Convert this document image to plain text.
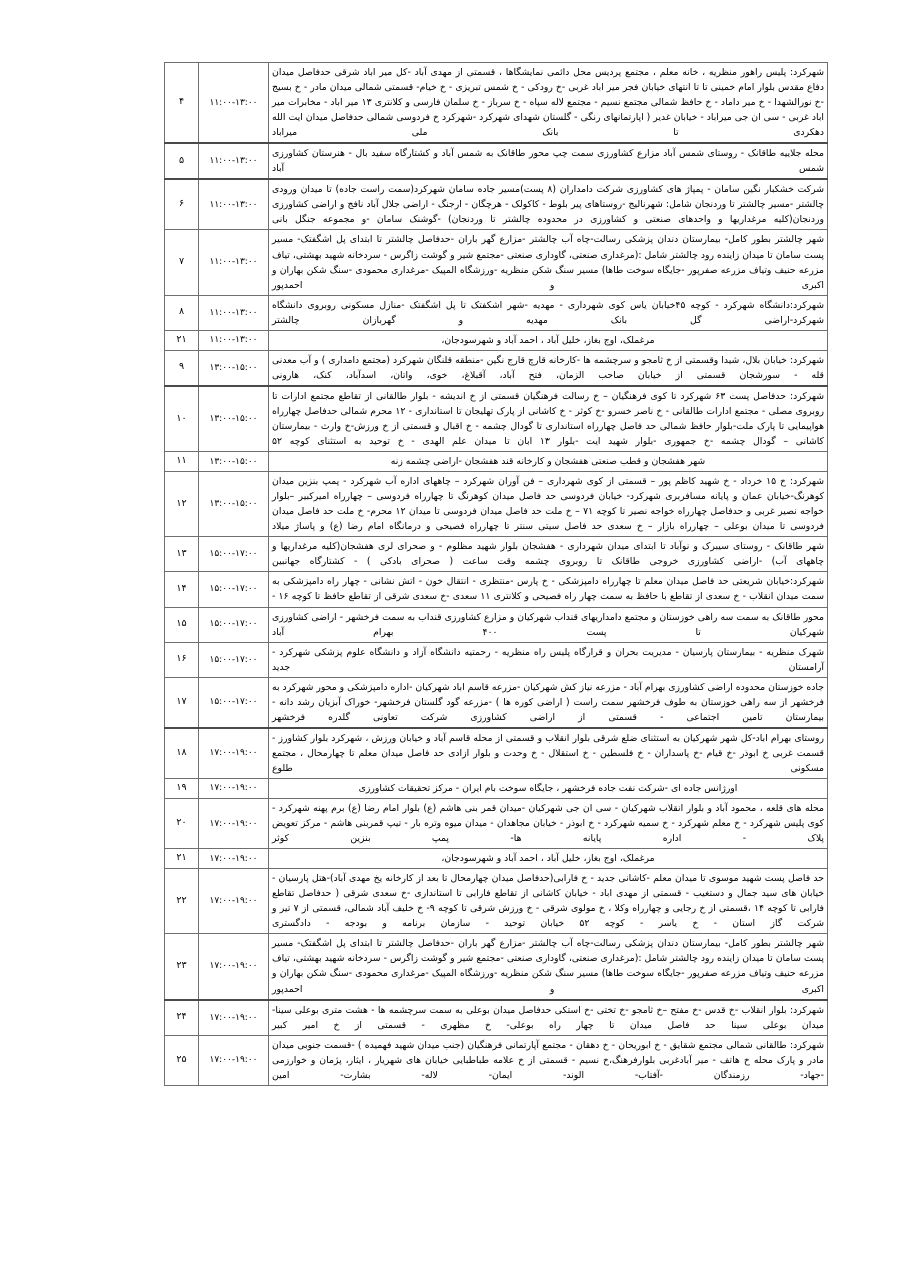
شهرکرد: پلیس راهور منظریه ، خانه معلم ، مجتمع پردیس محل دائمی نمایشگاها ، قسمتی از مهدی آباد -کل میر اباد شرقی حدفاصل میدان دفاع مقدس بلوار امام خمینی تا تا انتهای خیابان فجر میر اباد غربی -خ رودکی - خ شمس تبریزی - خ خیام- قسمتی شمالی میدان مادر - خ بسیج -خ نورالشهدا - خ میر داماد - خ حافظ شمالی مجتمع نسیم - مجتمع لاله سپاه - خ سرباز - خ سلمان فارسی و کلانتری ۱۳ میر اباد - مخابرات میر اباد غربی - سی ان جی میراباد - خیابان غدیر ( اپارتمانهای رنگی - گلستان شهدای شهرکرد -شهرکرد خ فردوسی شمالی حدفاصل میدان ایت الله دهکردی تا بانک ملی میراباد	۱۱:۰۰-۱۳:۰۰	۴
محله جلاییه طاقانک - روستای شمس آباد مزارع کشاورزی سمت چپ محور طاقانک به شمس آباد و کشتارگاه سفید بال - هنرستان کشاورزی شمس آباد	۱۱:۰۰-۱۳:۰۰	۵
شرکت خشکبار نگین سامان - پمپاژ های کشاورزی شرکت دامداران (۸ پست)مسیر جاده سامان شهرکرد(سمت راست جاده) تا میدان ورودی چالشتر -مسیر چالشتر تا وردنجان شامل: شهرنالیج -روستاهای پیر بلوط - کاکولک - هرچگان - ارجنگ - اراضی جلال آباد نافج و اراضی کشاورزی وردنجان(کلیه مرغداریها و واحدهای صنعتی و کشاورزی در محدوده چالشتر تا وردنجان) -گوشنک سامان -و مجموعه جنگل بانی	۱۱:۰۰-۱۳:۰۰	۶
شهر چالشتر بطور کامل- بیمارستان دندان پزشکی رسالت-چاه آب چالشتر -مزارع گهر باران -حدفاصل چالشتر تا ابتدای پل اشگفتک- مسیر پست سامان تا میدان زاینده رود چالشتر شامل :(مرغداری صنعتی، گاوداری صنعتی -مجتمع شیر و گوشت زاگرس - سردخانه شهید بهشتی، تیاف مزرعه حنیف وتیاف مزرعه صفرپور -جایگاه سوخت طاها) مسیر سنگ شکن منظریه -ورزشگاه المپیک -مرغداری محمودی -سنگ شکن بهاران و اکبری و احمدپور	۱۱:۰۰-۱۳:۰۰	۷
شهرکرد:دانشگاه شهرکرد - کوچه ۴۵خیابان یاس کوی شهرداری - مهدیه -شهر اشکفتک تا پل اشگفتک -منازل مسکونی روبروی دانشگاه شهرکرد-اراضی گل بانک مهدیه و گهربازان چالشتر	۱۱:۰۰-۱۳:۰۰	۸
مرغملک، اوج بغاز، خلیل آباد ، احمد آباد و شهرسودجان،	۱۱:۰۰-۱۳:۰۰	۲۱
شهرکرد: خیابان بلال، شیدا وقسمتی از خ ثامجو و سرچشمه ها -کارخانه قارچ قارج نگین -منطقه قلنگان شهرکرد (مجتمع دامداری ) و آب معدنی قله - سورشجان قسمتی از خیابان صاحب الزمان، فتح آباد، آقبلاغ، خوی، واتان، اسدآباد، کنک، هارونی	۱۳:۰۰-۱۵:۰۰	۹
شهرکرد: حدفاصل پست ۶۳ شهرکرد تا کوی فرهنگیان – خ رسالت فرهنگیان قسمتی از خ اندیشه - بلوار طالقانی از تقاطع مجتمع ادارات تا روبروی مصلی - مجتمع ادارات طالقانی - خ ناصر خسرو -خ کوثر - خ کاشانی از پارک تهلیجان تا استانداری - ۱۲ محرم شمالی حدفاصل چهارراه هواپیمایی تا پارک ملت-بلوار حافظ شمالی حد فاصل چهارراه استانداری تا گودال چشمه - خ اقبال و قسمتی از خ ورزش-خ وارث - بیمارستان کاشانی – گودال چشمه -خ جمهوری -بلوار شهید ایت -بلوار ۱۳ ابان تا میدان علم الهدی - خ توحید به استثنای کوچه ۵۲	۱۳:۰۰-۱۵:۰۰	۱۰
شهر هفشجان و قطب صنعتی هفشجان و کارخانه قند هفشجان -اراضی چشمه زنه	۱۳:۰۰-۱۵:۰۰	۱۱
شهرکرد: خ ۱۵ خرداد - خ شهید کاظم پور – قسمتی از کوی شهرداری – فن آوران شهرکرد – چاههای اداره آب شهرکرد - پمپ بنزین میدان کوهرنگ-خیابان عمان و پایانه مسافربری شهرکرد- خیابان فردوسی حد فاصل میدان کوهرنگ تا چهارراه فردوسی – چهارراه امیرکبیر –بلوار خواجه نصیر غربی و حدفاصل چهارراه خواجه نصیر تا کوچه ۷۱ – خ ملت حد فاصل میدان فردوسی تا میدان ۱۲ محرم- خ ملت حد فاصل میدان فردوسی تا میدان بوعلی – چهارراه بازار – خ سعدی حد فاصل سیتی سنتر تا چهارراه فصیحی و درمانگاه امام رضا (ع) و پاساژ میلاد	۱۳:۰۰-۱۵:۰۰	۱۲
شهر طاقانک - روستای سیبرک و نوآباد تا ابتدای میدان شهرداری - هفشجان بلوار شهید مظلوم - و صحرای لری هفشجان(کلیه مرغداریها و چاههای آب) -اراضی کشاورزی خروجی طاقانک تا روبروی چشمه وقت ساعت ( صحرای بادکی ) - کشتارگاه جهانبین	۱۵:۰۰-۱۷:۰۰	۱۳
شهرکرد:خیابان شریعتی حد فاصل میدان معلم تا چهارراه دامپزشکی - خ پارس -منتظری - انتقال خون - اتش نشانی - چهار راه دامپزشکی به سمت میدان انقلاب - خ سعدی از تقاطع با حافظ به سمت چهار راه فصیحی و کلانتری ۱۱ سعدی -خ سعدی شرقی از تقاطع حافظ تا کوچه ۱۶ -	۱۵:۰۰-۱۷:۰۰	۱۴
محور طاقانک به سمت سه راهی خوزستان و مجتمع دامداریهای قنداب شهرکیان و مزارع کشاورزی قنداب به سمت فرخشهر - اراضی کشاورزی شهرکیان تا پست ۴۰۰ بهرام آباد	۱۵:۰۰-۱۷:۰۰	۱۵
شهرک منظریه - بیمارستان پارسیان - مدیریت بحران و قرارگاه پلیس راه منظریه - رحمتیه دانشگاه آزاد و دانشگاه علوم پزشکی شهرکرد - آرامستان جدید	۱۵:۰۰-۱۷:۰۰	۱۶
جاده خوزستان محدوده اراضی کشاورزی بهرام آباد - مزرعه نیاز کش شهرکیان -مزرعه قاسم اباد شهرکیان -اداره دامپزشکی و محور شهرکرد به فرخشهر از سه راهی خوزستان به طوف فرخشهر سمت راست ( اراضی کوره ها ) -مزرعه گود گلستان فرخشهر- خوراک آبزیان رشد دانه - بیمارستان تامین اجتماعی - قسمتی از اراضی کشاورزی شرکت تعاونی گلدره فرخشهر	۱۵:۰۰-۱۷:۰۰	۱۷
روستای بهرام اباد-کل شهر شهرکیان به استثنای ضلع شرقی بلوار انقلاب و قسمتی از محله قاسم آباد و خیابان ورزش ، شهرکرد بلوار کشاورز - قسمت غربی خ ابوذر -خ قیام -خ پاسداران - خ فلسطین - خ استقلال - خ وحدت و بلوار ازادی حد فاصل میدان معلم تا چهارمحال ، مجتمع مسکونی طلوع	۱۷:۰۰-۱۹:۰۰	۱۸
اورژانس جاده ای -شرکت نفت جاده فرخشهر ، جایگاه سوخت بام ایران - مرکز تحقیقات کشاورزی	۱۷:۰۰-۱۹:۰۰	۱۹
محله های قلعه ، محمود آباد و بلوار انقلاب شهرکیان - سی ان جی شهرکیان -میدان قمر بنی هاشم (ع) بلوار امام رضا (ع) برم پهنه شهرکرد - کوی پلیس شهرکرد - خ معلم شهرکرد - خ سمیه شهرکرد - خ ابوذر - خیابان مجاهدان - میدان میوه وتره بار - تیپ قمربنی هاشم - مرکز تعویض پلاک - اداره پایانه ها- پمپ بنزین کوثر	۱۷:۰۰-۱۹:۰۰	۲۰
مرغملک، اوج بغاز، خلیل آباد ، احمد آباد و شهرسودجان،	۱۷:۰۰-۱۹:۰۰	۲۱
حد فاصل پست شهید موسوی تا میدان معلم -کاشانی جدید - خ فارابی(حدفاصل میدان چهارمحال تا بعد از کارخانه یخ مهدی آباد)-هتل پارسیان - خیابان های سید جمال و دستغیب - قسمتی از مهدی اباد - خیابان کاشانی از تقاطع فارابی تا استانداری -خ سعدی شرقی ( حدفاصل تقاطع فارابی تا کوچه ۱۴ ،قسمتی از خ رجایی و چهارراه وکلا ، خ مولوی شرقی - خ ورزش شرقی تا کوچه ۹- خ خلیف آباد شمالی، قسمتی از ۷ تیر و شرکت گاز استان - خ یاسر - کوچه ۵۲ خیابان توحید - سازمان برنامه و بودجه - دادگستری	۱۷:۰۰-۱۹:۰۰	۲۲
شهر چالشتر بطور کامل- بیمارستان دندان پزشکی رسالت-چاه آب چالشتر -مزارع گهر باران -حدفاصل چالشتر تا ابتدای پل اشگفتک- مسیر پست سامان تا میدان زاینده رود چالشتر شامل :(مرغداری صنعتی، گاوداری صنعتی -مجتمع شیر و گوشت زاگرس - سردخانه شهید بهشتی، تیاف مزرعه حنیف وتیاف مزرعه صفرپور -جایگاه سوخت طاها) مسیر سنگ شکن منظریه -ورزشگاه المپیک -مرغداری محمودی -سنگ شکن بهاران و اکبری و احمدپور	۱۷:۰۰-۱۹:۰۰	۲۳
شهرکرد: بلوار انقلاب -خ قدس -خ مفتح –خ ثامجو -خ تختی -خ استکی حدفاصل میدان بوعلی به سمت سرچشمه ها - هشت متری بوعلی سینا- میدان بوعلی سینا حد فاصل میدان تا چهار راه بوعلی- خ مظهری - قسمتی از خ امیر کبیر	۱۷:۰۰-۱۹:۰۰	۲۴
شهرکرد: طالقانی شمالی مجتمع شقایق - خ ابوریحان - خ دهقان - مجتمع آپارتمانی فرهنگیان (جنب میدان شهید فهمیده ) -قسمت جنوبی میدان مادر و پارک محله خ هاتف - میر آبادغربی بلوارفرهنگ،خ نسیم - قسمتی از خ علامه طباطبایی خیابان های شهریار ، ایثار، پژمان و خوارزمی -جهاد- رزمندگان -آفتاب- الوند- ایمان- لاله- بشارت- امین	۱۷:۰۰-۱۹:۰۰	۲۵
